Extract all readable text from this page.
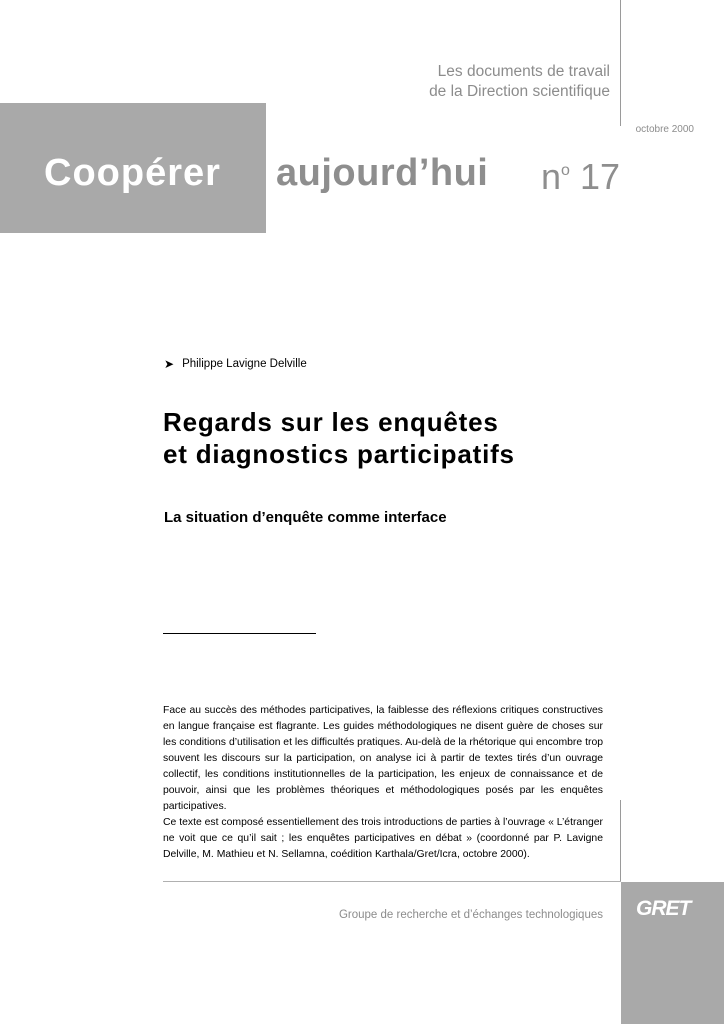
Les documents de travail
de la Direction scientifique
octobre 2000
Coopérer aujourd’hui $n^o$ 17
➤ Philippe Lavigne Delville
Regards sur les enquêtes
et diagnostics participatifs
La situation d’enquête comme interface

Face au succès des méthodes participatives, la faiblesse des réflexions critiques constructives en langue française est flagrante. Les guides méthodologiques ne disent guère de choses sur les conditions d’utilisation et les difficultés pratiques. Au-delà de la rhétorique qui encombre trop souvent les discours sur la participation, on analyse ici à partir de textes tirés d’un ouvrage collectif, les conditions institutionnelles de la participation, les enjeux de connaissance et de pouvoir, ainsi que les problèmes théoriques et méthodologiques posés par les enquêtes participatives.

Ce texte est composé essentiellement des trois introductions de parties à l’ouvrage « L’étranger ne voit que ce qu’il sait ; les enquêtes participatives en débat » (coordonné par P. Lavigne Delville, M. Mathieu et N. Sellamna, coédition Karthala/Gret/Icra, octobre 2000).

Groupe de recherche et d’échanges technologiques GRET
